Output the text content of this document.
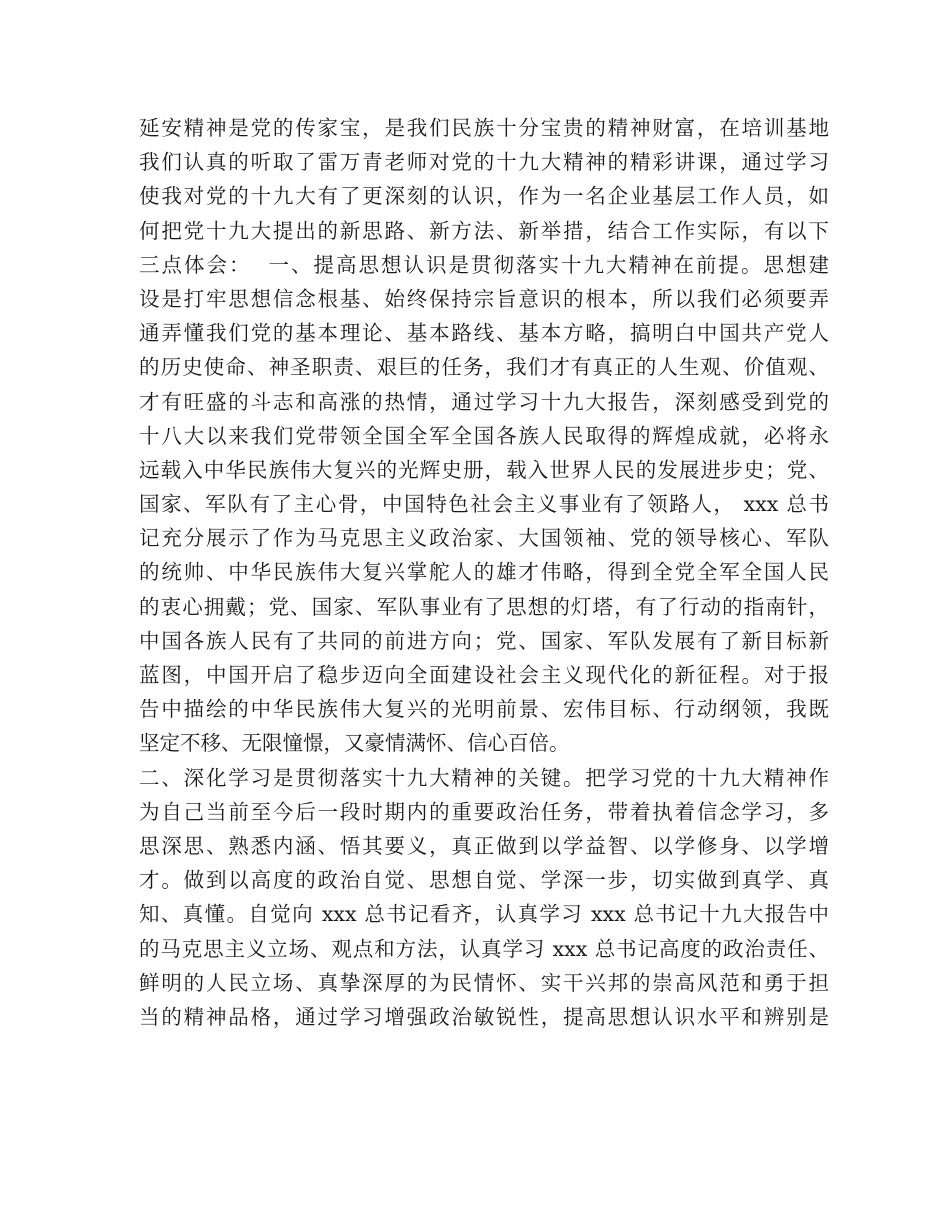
延安精神是党的传家宝，是我们民族十分宝贵的精神财富，在培训基地
我们认真的听取了雷万青老师对党的十九大精神的精彩讲课，通过学习
使我对党的十九大有了更深刻的认识，作为一名企业基层工作人员，如
何把党十九大提出的新思路、新方法、新举措，结合工作实际，有以下
三点体会：  一、提高思想认识是贯彻落实十九大精神在前提。思想建
设是打牢思想信念根基、始终保持宗旨意识的根本，所以我们必须要弄
通弄懂我们党的基本理论、基本路线、基本方略，搞明白中国共产党人
的历史使命、神圣职责、艰巨的任务，我们才有真正的人生观、价值观、
才有旺盛的斗志和高涨的热情，通过学习十九大报告，深刻感受到党的
十八大以来我们党带领全国全军全国各族人民取得的辉煌成就，必将永
远载入中华民族伟大复兴的光辉史册，载入世界人民的发展进步史；党、
国家、军队有了主心骨，中国特色社会主义事业有了领路人， xxx 总书
记充分展示了作为马克思主义政治家、大国领袖、党的领导核心、军队
的统帅、中华民族伟大复兴掌舵人的雄才伟略，得到全党全军全国人民
的衷心拥戴；党、国家、军队事业有了思想的灯塔，有了行动的指南针，
中国各族人民有了共同的前进方向；党、国家、军队发展有了新目标新
蓝图，中国开启了稳步迈向全面建设社会主义现代化的新征程。对于报
告中描绘的中华民族伟大复兴的光明前景、宏伟目标、行动纲领，我既
坚定不移、无限憧憬，又豪情满怀、信心百倍。
二、深化学习是贯彻落实十九大精神的关键。把学习党的十九大精神作
为自己当前至今后一段时期内的重要政治任务，带着执着信念学习，多
思深思、熟悉内涵、悟其要义，真正做到以学益智、以学修身、以学增
才。做到以高度的政治自觉、思想自觉、学深一步，切实做到真学、真
知、真懂。自觉向 xxx 总书记看齐，认真学习 xxx 总书记十九大报告中
的马克思主义立场、观点和方法，认真学习 xxx 总书记高度的政治责任、
鲜明的人民立场、真挚深厚的为民情怀、实干兴邦的崇高风范和勇于担
当的精神品格，通过学习增强政治敏锐性，提高思想认识水平和辨别是
